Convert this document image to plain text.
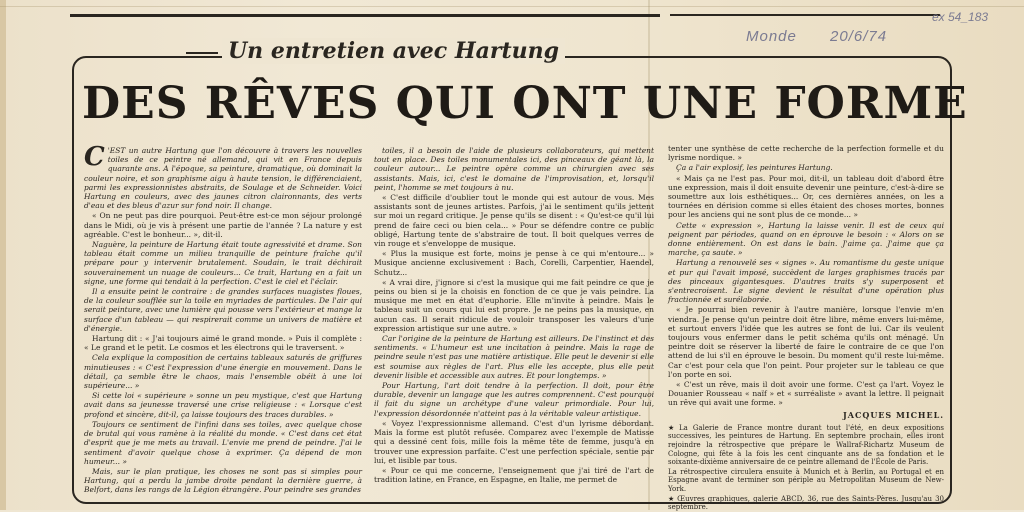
ex 54_183
Monde 20/6/74
Un entretien avec Hartung
DES RÊVES QUI ONT UNE FORME

C 'EST un autre Hartung que l'on découvre à travers les nouvelles toiles de ce peintre né allemand, qui vit en France depuis quarante ans. A l'époque, sa peinture, dramatique, où dominait la couleur noire, et son graphisme aigu à haute tension, le différenciaient, parmi les expressionnistes abstraits, de Soulage et de Schneider. Voici Hartung en couleurs, avec des jaunes citron claironnants, des verts d'eau et des bleus d'azur sur fond noir. Il change.

« On ne peut pas dire pourquoi. Peut-être est-ce mon séjour prolongé dans le Midi, où je vis à présent une partie de l'année ? La nature y est agréable. C'est le bonheur... », dit-il.

Naguère, la peinture de Hartung était toute agressivité et drame. Son tableau était comme un milieu tranquille de peinture fraîche qu'il prépare pour y intervenir brutalement. Soudain, le trait déchirait souverainement un nuage de couleurs... Ce trait, Hartung en a fait un signe, une forme qui tendait à la perfection. C'est le ciel et l'éclair.

Il a ensuite peint le contraire : de grandes surfaces nuagistes floues, de la couleur soufflée sur la toile en myriades de particules. De l'air qui serait peinture, avec une lumière qui pousse vers l'extérieur et mange la surface d'un tableau — qui respirerait comme un univers de matière et d'énergie.

Hartung dit : « J'ai toujours aimé le grand monde. » Puis il complète : « Le grand et le petit. Le cosmos et les électrons qui le traversent. »

Cela explique la composition de certains tableaux saturés de griffures minutieuses : « C'est l'expression d'une énergie en mouvement. Dans le détail, ça semble être le chaos, mais l'ensemble obéit à une loi supérieure... »

Si cette loi « supérieure » sonne un peu mystique, c'est que Hartung avait dans sa jeunesse traversé une crise religieuse : « Lorsque c'est profond et sincère, dit-il, ça laisse toujours des traces durables. »

Toujours ce sentiment de l'infini dans ses toiles, avec quelque chose de brutal qui vous ramène à la réalité du monde. « C'est dans cet état d'esprit que je me mets au travail. L'envie me prend de peindre. J'ai le sentiment d'avoir quelque chose à exprimer. Ça dépend de mon humeur... »

Mais, sur le plan pratique, les choses ne sont pas si simples pour Hartung, qui a perdu la jambe droite pendant la dernière guerre, à Belfort, dans les rangs de la Légion étrangère. Pour peindre ses grandes

toiles, il a besoin de l'aide de plusieurs collaborateurs, qui mettent tout en place. Des toiles monumentales ici, des pinceaux de géant là, la couleur autour... Le peintre opère comme un chirurgien avec ses assistants. Mais, ici, c'est le domaine de l'improvisation, et, lorsqu'il peint, l'homme se met toujours à nu.

« C'est difficile d'oublier tout le monde qui est autour de vous. Mes assistants sont de jeunes artistes. Parfois, j'ai le sentiment qu'ils jettent sur moi un regard critique. Je pense qu'ils se disent : « Qu'est-ce qu'il lui prend de faire ceci ou bien cela... » Pour se défendre contre ce public obligé, Hartung tente de s'abstraire de tout. Il boit quelques verres de vin rouge et s'enveloppe de musique.

« Plus la musique est forte, moins je pense à ce qui m'entoure... » Musique ancienne exclusivement : Bach, Corelli, Carpentier, Haendel, Schutz...

« A vrai dire, j'ignore si c'est la musique qui me fait peindre ce que je peins ou bien si je la choisis en fonction de ce que je vais peindre. La musique me met en état d'euphorie. Elle m'invite à peindre. Mais le tableau suit un cours qui lui est propre. Je ne peins pas la musique, en aucun cas. Il serait ridicule de vouloir transposer les valeurs d'une expression artistique sur une autre. »

Car l'origine de la peinture de Hartung est ailleurs. De l'instinct et des sentiments. « L'humeur est une incitation à peindre. Mais la rage de peindre seule n'est pas une matière artistique. Elle peut le devenir si elle est soumise aux règles de l'art. Plus elle les accepte, plus elle peut devenir lisible et accessible aux autres. Et pour longtemps. »

Pour Hartung, l'art doit tendre à la perfection. Il doit, pour être durable, devenir un langage que les autres comprennent. C'est pourquoi il fait du signe un archétype d'une valeur primordiale. Pour lui, l'expression désordonnée n'atteint pas à la véritable valeur artistique.

« Voyez l'expressionnisme allemand. C'est d'un lyrisme débordant. Mais la forme est plutôt refusée. Comparez avec l'exemple de Matisse qui a dessiné cent fois, mille fois la même tête de femme, jusqu'à en trouver une expression parfaite. C'est une perfection spéciale, sentie par lui, et lisible par tous.

« Pour ce qui me concerne, l'enseignement que j'ai tiré de l'art de tradition latine, en France, en Espagne, en Italie, me permet de

tenter une synthèse de cette recherche de la perfection formelle et du lyrisme nordique. »

Ça a l'air explosif, les peintures Hartung.

« Mais ça ne l'est pas. Pour moi, dit-il, un tableau doit d'abord être une expression, mais il doit ensuite devenir une peinture, c'est-à-dire se soumettre aux lois esthétiques... Or, ces dernières années, on les a tournées en dérision comme si elles étaient des choses mortes, bonnes pour les anciens qui ne sont plus de ce monde... »

Cette « expression », Hartung la laisse venir. Il est de ceux qui peignent par périodes, quand on en éprouve le besoin : « Alors on se donne entièrement. On est dans le bain. J'aime ça. J'aime que ça marche, ça saute. »

Hartung a renouvelé ses « signes ». Au romantisme du geste unique et pur qui l'avait imposé, succèdent de larges graphismes tracés par des pinceaux gigantesques. D'autres traits s'y superposent et s'entrecroisent. Le signe devient le résultat d'une opération plus fractionnée et surélaborée.

« Je pourrai bien revenir à l'autre manière, lorsque l'envie m'en viendra. Je pense qu'un peintre doit être libre, même envers lui-même, et surtout envers l'idée que les autres se font de lui. Car ils veulent toujours vous enfermer dans le petit schéma qu'ils ont ménagé. Un peintre doit se réserver la liberté de faire le contraire de ce que l'on attend de lui s'il en éprouve le besoin. Du moment qu'il reste lui-même. Car c'est pour cela que l'on peint. Pour projeter sur le tableau ce que l'on porte en soi.

« C'est un rêve, mais il doit avoir une forme. C'est ça l'art. Voyez le Douanier Rousseau « naïf » et « surréaliste » avant la lettre. Il peignait un rêve qui avait une forme. »

JACQUES MICHEL.

★ La Galerie de France montre durant tout l'été, en deux expositions successives, les peintures de Hartung. En septembre prochain, elles iront rejoindre la rétrospective que prépare le Wallraf-Richartz Museum de Cologne, qui fête à la fois les cent cinquante ans de sa fondation et le soixante-dixième anniversaire de ce peintre allemand de l'École de Paris.

La rétrospective circulera ensuite à Munich et à Berlin, au Portugal et en Espagne avant de terminer son périple au Metropolitan Museum de New-York.

★ Œuvres graphiques, galerie ABCD, 36, rue des Saints-Pères. Jusqu'au 30 septembre.
